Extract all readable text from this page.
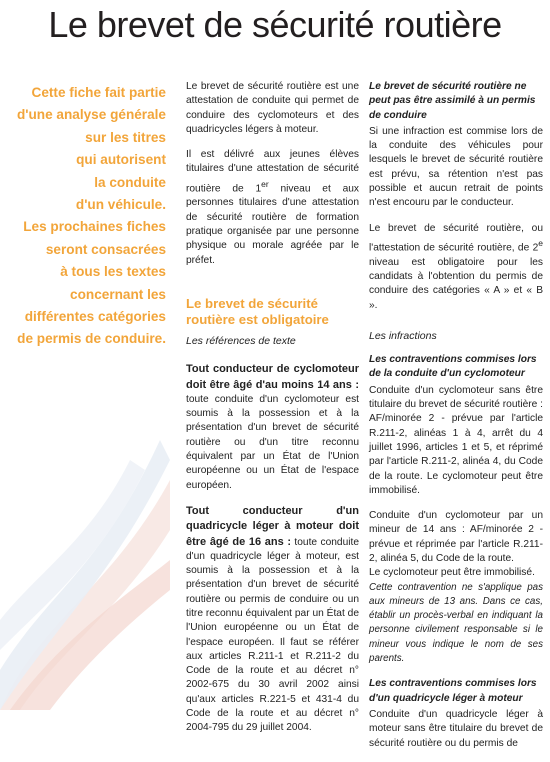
Le brevet de sécurité routière
Cette fiche fait partie
d'une analyse générale
sur les titres
qui autorisent
la conduite
d'un véhicule.
Les prochaines fiches
seront consacrées
à tous les textes
concernant les
différentes catégories
de permis de conduire.

Le brevet de sécurité routière est une attestation de conduite qui permet de conduire des cyclomoteurs et des quadricycles légers à moteur.

Il est délivré aux jeunes élèves titulaires d'une attestation de sécurité routière de 1er niveau et aux personnes titulaires d'une attestation de sécurité routière de formation pratique organisée par une personne physique ou morale agréée par le préfet.

Le brevet de sécurité routière est obligatoire
Les références de texte

Tout conducteur de cyclomoteur doit être âgé d'au moins 14 ans : toute conduite d'un cyclomoteur est soumis à la possession et à la présentation d'un brevet de sécurité routière ou d'un titre reconnu équivalent par un État de l'Union européenne ou un État de l'espace européen.

Tout conducteur d'un quadricycle léger à moteur doit être âgé de 16 ans : toute conduite d'un quadricycle léger à moteur, est soumis à la possession et à la présentation d'un brevet de sécurité routière ou permis de conduire ou un titre reconnu équivalent par un État de l'Union européenne ou un État de l'espace européen. Il faut se référer aux articles R.211-1 et R.211-2 du Code de la route et au décret n° 2002-675 du 30 avril 2002 ainsi qu'aux articles R.221-5 et 431-4 du Code de la route et au décret n° 2004-795 du 29 juillet 2004.

Le brevet de sécurité routière ne peut pas être assimilé à un permis de conduire

Si une infraction est commise lors de la conduite des véhicules pour lesquels le brevet de sécurité routière est prévu, sa rétention n'est pas possible et aucun retrait de points n'est encouru par le conducteur.

Le brevet de sécurité routière, ou l'attestation de sécurité routière, de 2e niveau est obligatoire pour les candidats à l'obtention du permis de conduire des catégories « A » et « B ».

Les infractions
Les contraventions commises lors de la conduite d'un cyclomoteur

Conduite d'un cyclomoteur sans être titulaire du brevet de sécurité routière : AF/minorée 2 - prévue par l'article R.211-2, alinéas 1 à 4, arrêt du 4 juillet 1996, articles 1 et 5, et réprimé par l'article R.211-2, alinéa 4, du Code de la route. Le cyclomoteur peut être immobilisé.

Conduite d'un cyclomoteur par un mineur de 14 ans : AF/minorée 2 - prévue et réprimée par l'article R.211-2, alinéa 5, du Code de la route.

Le cyclomoteur peut être immobilisé.

Cette contravention ne s'applique pas aux mineurs de 13 ans. Dans ce cas, établir un procès-verbal en indiquant la personne civilement responsable si le mineur vous indique le nom de ses parents.

Les contraventions commises lors d'un quadricycle léger à moteur

Conduite d'un quadricycle léger à moteur sans être titulaire du brevet de sécurité routière ou du permis de
